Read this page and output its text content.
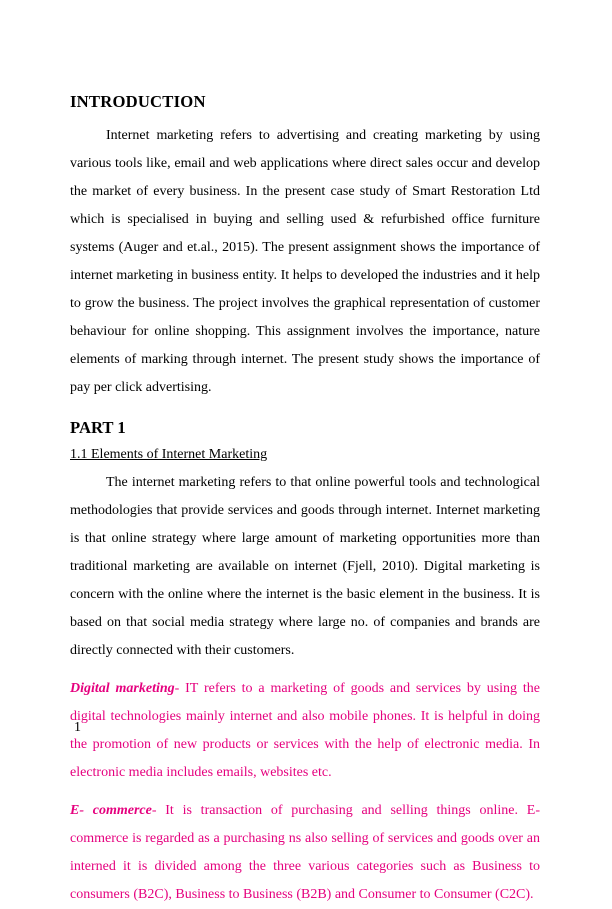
INTRODUCTION

Internet marketing refers to advertising and creating marketing by using various tools like, email and web applications where direct sales occur and develop the market of every business. In the present case study of Smart Restoration Ltd which is specialised in buying and selling used & refurbished office furniture systems (Auger and et.al., 2015). The present assignment shows the importance of internet marketing in business entity. It helps to developed the industries and it help to grow the business. The project involves the graphical representation of customer behaviour for online shopping. This assignment involves the importance, nature elements of marking through internet. The present study shows the importance of pay per click advertising.

PART 1
1.1 Elements of Internet Marketing

The internet marketing refers to that online powerful tools and technological methodologies that provide services and goods through internet. Internet marketing is that online strategy where large amount of marketing opportunities more than traditional marketing are available on internet (Fjell, 2010). Digital marketing is concern with the online where the internet is the basic element in the business. It is based on that social media strategy where large no. of companies and brands are directly connected with their customers.

Digital marketing- IT refers to a marketing of goods and services by using the digital technologies mainly internet and also mobile phones. It is helpful in doing the promotion of new products or services with the help of electronic media. In electronic media includes emails, websites etc.

E- commerce- It is transaction of purchasing and selling things online. E- commerce is regarded as a purchasing ns also selling of services and goods over an interned it is divided among the three various categories such as Business to consumers (B2C), Business to Business (B2B) and Consumer to Consumer (C2C).

1
